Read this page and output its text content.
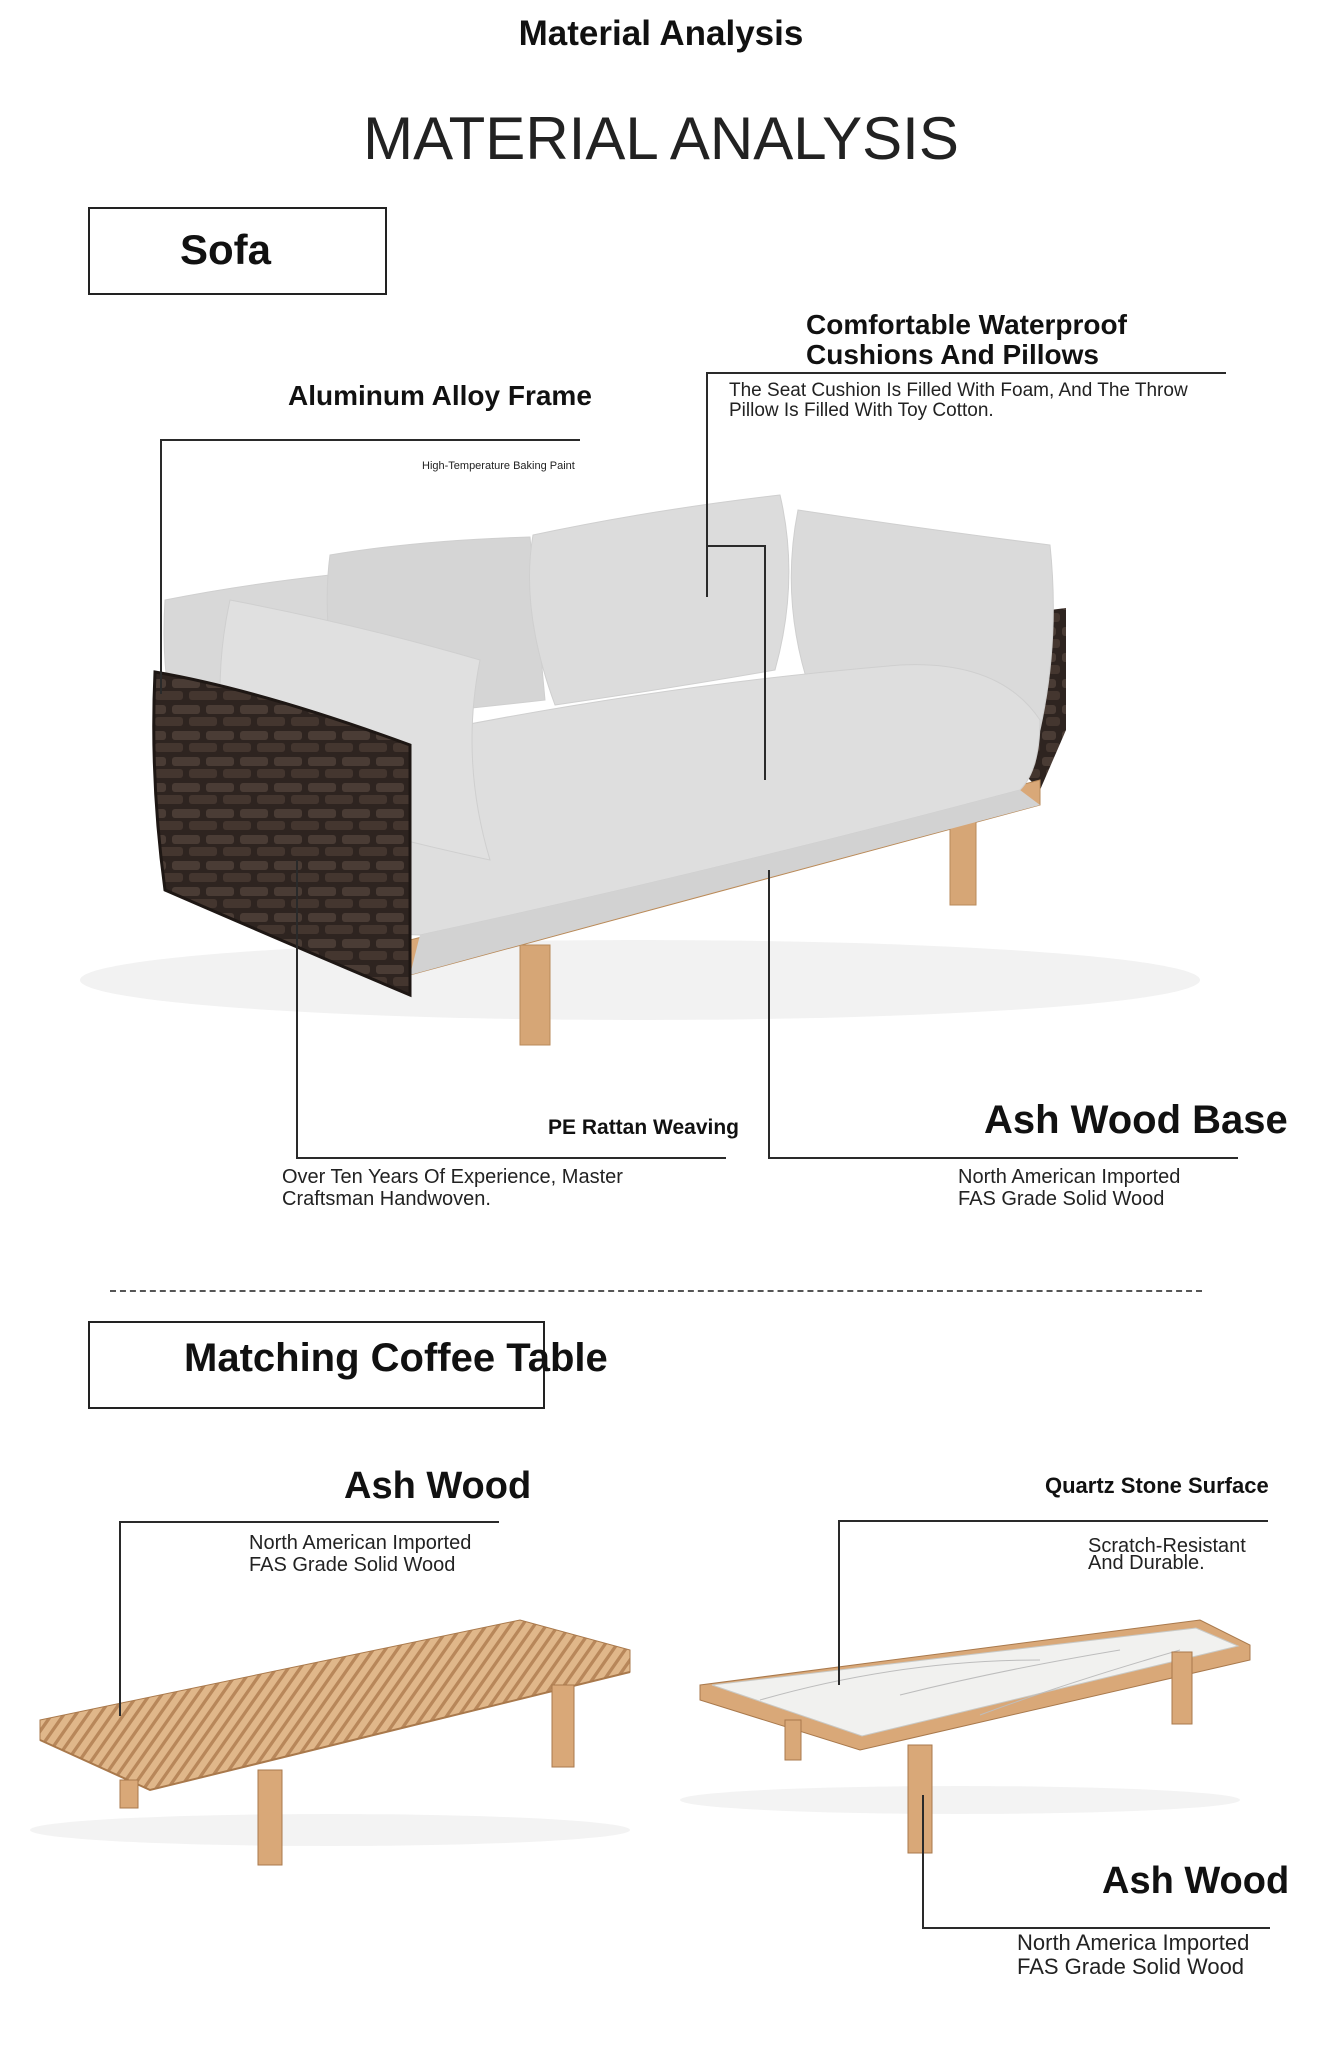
Material Analysis
MATERIAL ANALYSIS
Sofa
Aluminum Alloy Frame
High-Temperature Baking Paint
Comfortable Waterproof
Cushions And Pillows
The Seat Cushion Is Filled With Foam, And The Throw
Pillow Is Filled With Toy Cotton.
PE Rattan Weaving
Over Ten Years Of Experience, Master
Craftsman Handwoven.
Ash Wood Base
North American Imported
FAS Grade Solid Wood
Matching Coffee Table
Ash Wood
North American Imported
FAS Grade Solid Wood
Quartz Stone Surface
Scratch-Resistant
And Durable.
Ash Wood
North America Imported
FAS Grade Solid Wood
